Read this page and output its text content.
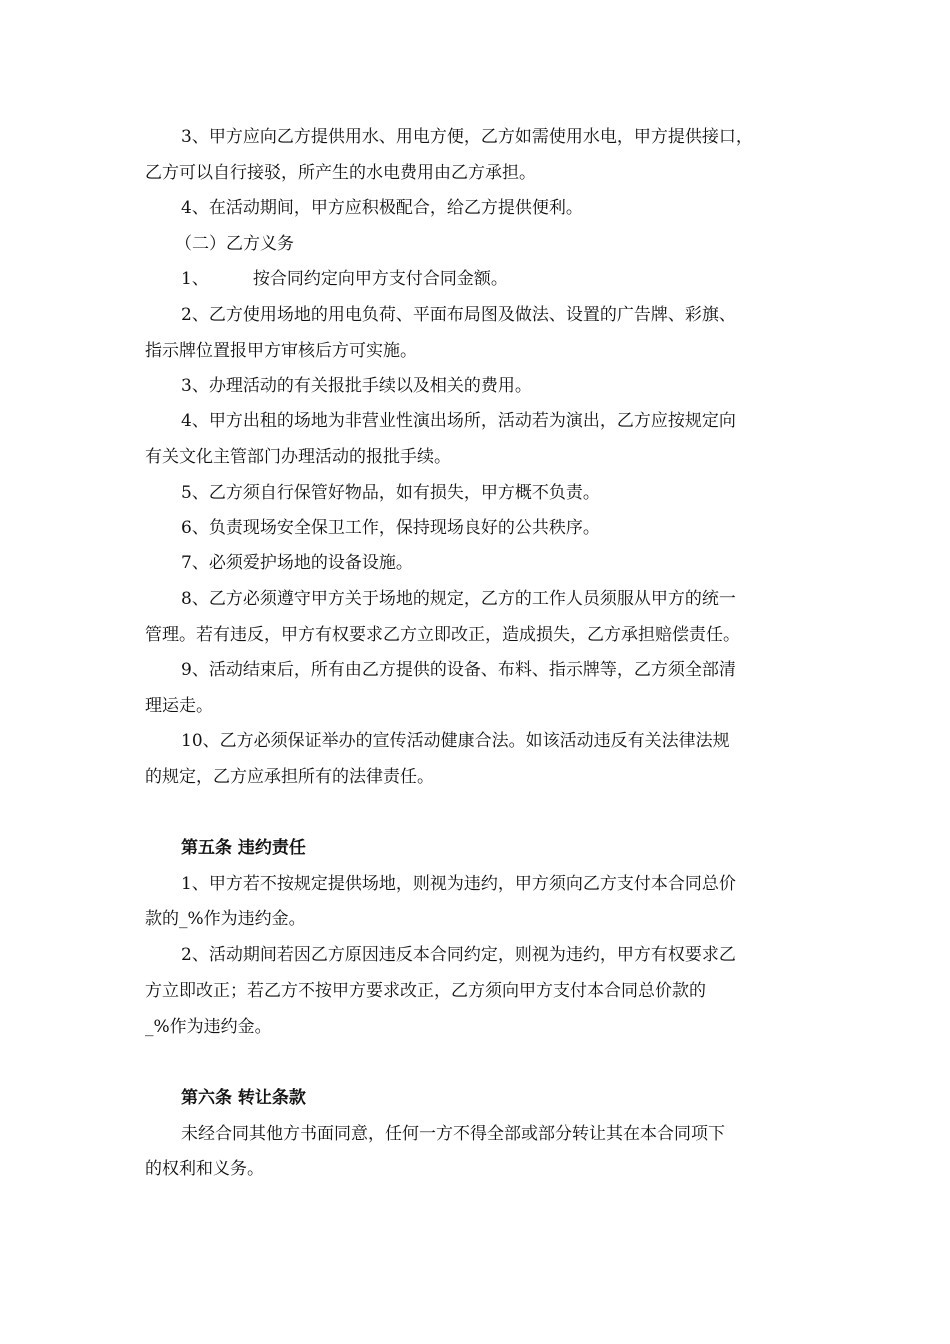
3、甲方应向乙方提供用水、用电方便，乙方如需使用水电，甲方提供接口，
乙方可以自行接驳，所产生的水电费用由乙方承担。
4、在活动期间，甲方应积极配合，给乙方提供便利。
（二）乙方义务
1、	按合同约定向甲方支付合同金额。
2、乙方使用场地的用电负荷、平面布局图及做法、设置的广告牌、彩旗、
指示牌位置报甲方审核后方可实施。
3、办理活动的有关报批手续以及相关的费用。
4、甲方出租的场地为非营业性演出场所，活动若为演出，乙方应按规定向
有关文化主管部门办理活动的报批手续。
5、乙方须自行保管好物品，如有损失，甲方概不负责。
6、负责现场安全保卫工作，保持现场良好的公共秩序。
7、必须爱护场地的设备设施。
8、乙方必须遵守甲方关于场地的规定，乙方的工作人员须服从甲方的统一
管理。若有违反，甲方有权要求乙方立即改正，造成损失，乙方承担赔偿责任。
9、活动结束后，所有由乙方提供的设备、布料、指示牌等，乙方须全部清
理运走。
10、乙方必须保证举办的宣传活动健康合法。如该活动违反有关法律法规
的规定，乙方应承担所有的法律责任。
第五条 违约责任
1、甲方若不按规定提供场地，则视为违约，甲方须向乙方支付本合同总价
款的_%作为违约金。
2、活动期间若因乙方原因违反本合同约定，则视为违约，甲方有权要求乙
方立即改正；若乙方不按甲方要求改正，乙方须向甲方支付本合同总价款的
_%作为违约金。
第六条 转让条款
未经合同其他方书面同意，任何一方不得全部或部分转让其在本合同项下
的权利和义务。
